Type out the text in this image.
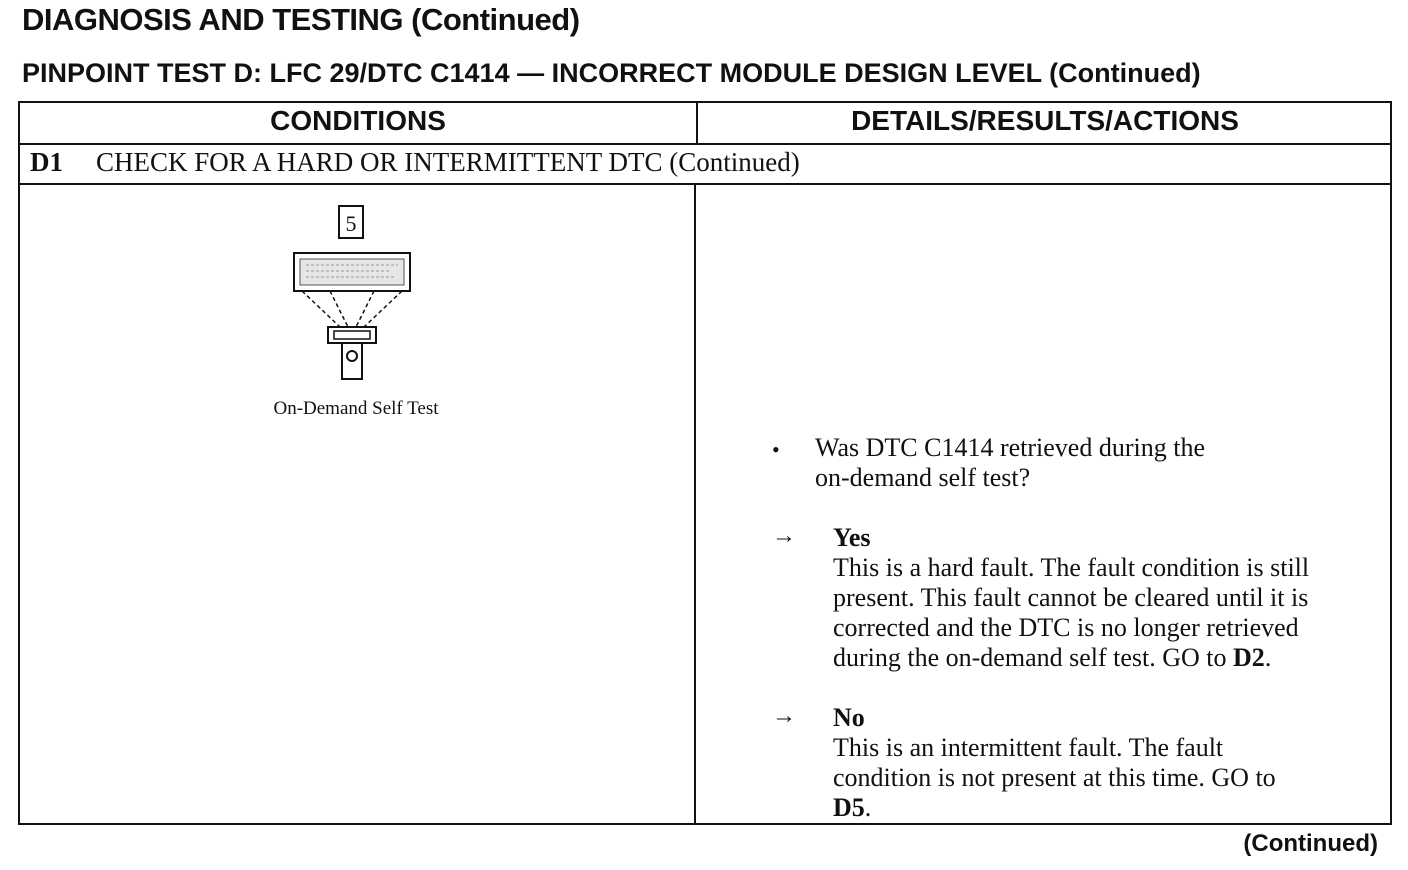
DIAGNOSIS AND TESTING (Continued)
PINPOINT TEST D: LFC 29/DTC C1414 — INCORRECT MODULE DESIGN LEVEL (Continued)
CONDITIONS	DETAILS/RESULTS/ACTIONS
D1 CHECK FOR A HARD OR INTERMITTENT DTC (Continued)
5
On-Demand Self Test
• Was DTC C1414 retrieved during the
on-demand self test?
→ Yes
This is a hard fault. The fault condition is still
present. This fault cannot be cleared until it is
corrected and the DTC is no longer retrieved
during the on-demand self test. GO to D2.
→ No
This is an intermittent fault. The fault
condition is not present at this time. GO to
D5.
(Continued)
